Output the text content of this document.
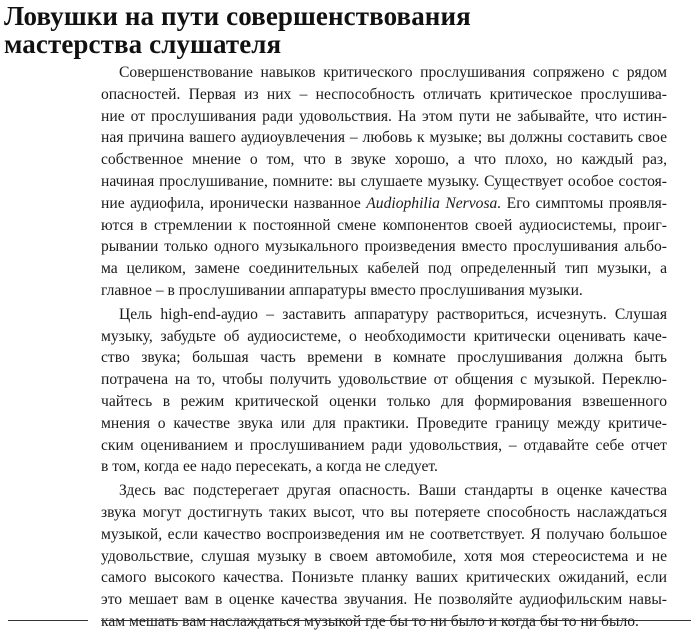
Ловушки на пути совершенствования
мастерства слушателя

Совершенствование навыков критического прослушивания сопряжено с рядом
опасностей. Первая из них – неспособность отличать критическое прослушива-
ние от прослушивания ради удовольствия. На этом пути не забывайте, что истин-
ная причина вашего аудиоувлечения – любовь к музыке; вы должны составить свое
собственное мнение о том, что в звуке хорошо, а что плохо, но каждый раз,
начиная прослушивание, помните: вы слушаете музыку. Существует особое состоя-
ние аудиофила, иронически названное Audiophilia Nervosa. Его симптомы проявля-
ются в стремлении к постоянной смене компонентов своей аудиосистемы, проиг-
рывании только одного музыкального произведения вместо прослушивания альбо-
ма целиком, замене соединительных кабелей под определенный тип музыки, а
главное – в прослушивании аппаратуры вместо прослушивания музыки.

Цель high-end-аудио – заставить аппаратуру раствориться, исчезнуть. Слушая
музыку, забудьте об аудиосистеме, о необходимости критически оценивать каче-
ство звука; большая часть времени в комнате прослушивания должна быть
потрачена на то, чтобы получить удовольствие от общения с музыкой. Переклю-
чайтесь в режим критической оценки только для формирования взвешенного
мнения о качестве звука или для практики. Проведите границу между критиче-
ским оцениванием и прослушиванием ради удовольствия, – отдавайте себе отчет
в том, когда ее надо пересекать, а когда не следует.

Здесь вас подстерегает другая опасность. Ваши стандарты в оценке качества
звука могут достигнуть таких высот, что вы потеряете способность наслаждаться
музыкой, если качество воспроизведения им не соответствует. Я получаю большое
удовольствие, слушая музыку в своем автомобиле, хотя моя стереосистема и не
самого высокого качества. Понизьте планку ваших критических ожиданий, если
это мешает вам в оценке качества звучания. Не позволяйте аудиофильским навы-
кам мешать вам наслаждаться музыкой где бы то ни было и когда бы то ни было.
